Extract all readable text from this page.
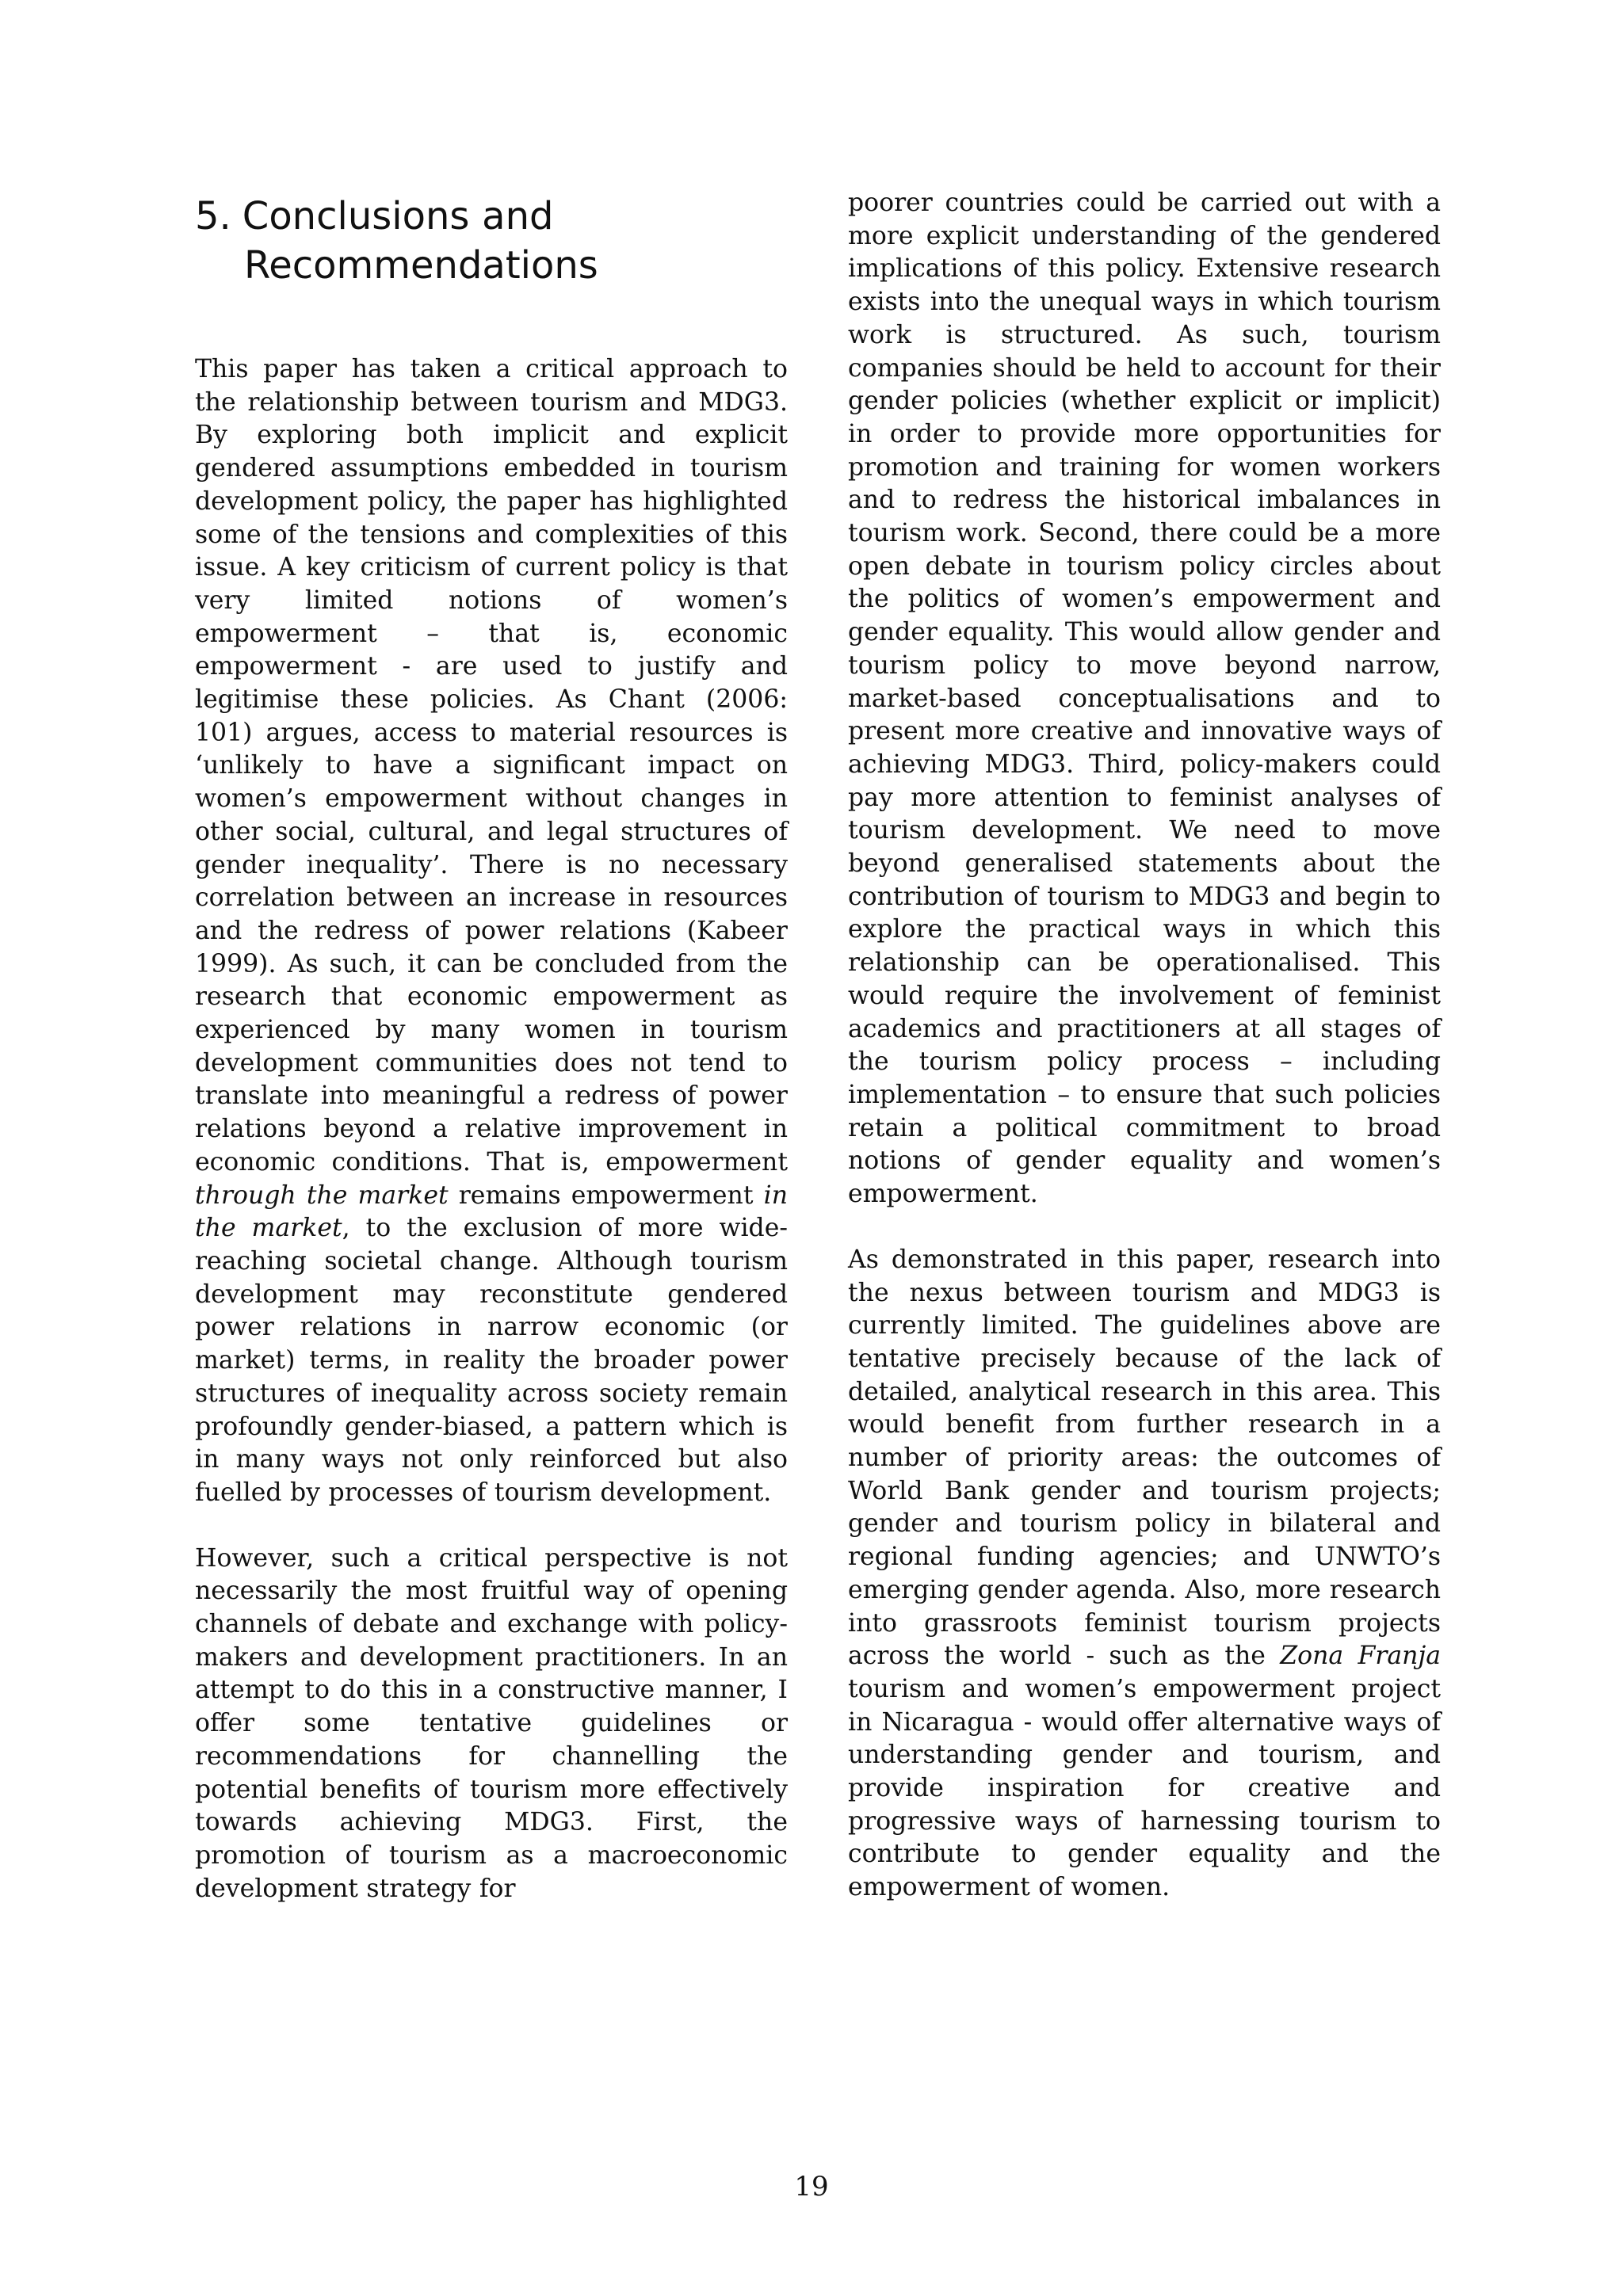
5. Conclusions and Recommendations

This paper has taken a critical approach to the relationship between tourism and MDG3. By exploring both implicit and explicit gendered assumptions embedded in tourism development policy, the paper has highlighted some of the tensions and complexities of this issue. A key criticism of current policy is that very limited notions of women’s empowerment – that is, economic empowerment - are used to justify and legitimise these policies. As Chant (2006: 101) argues, access to material resources is ‘unlikely to have a significant impact on women’s empowerment without changes in other social, cultural, and legal structures of gender inequality’. There is no necessary correlation between an increase in resources and the redress of power relations (Kabeer 1999). As such, it can be concluded from the research that economic empowerment as experienced by many women in tourism development communities does not tend to translate into meaningful a redress of power relations beyond a relative improvement in economic conditions. That is, empowerment through the market remains empowerment in the market, to the exclusion of more wide-reaching societal change. Although tourism development may reconstitute gendered power relations in narrow economic (or market) terms, in reality the broader power structures of inequality across society remain profoundly gender-biased, a pattern which is in many ways not only reinforced but also fuelled by processes of tourism development.

However, such a critical perspective is not necessarily the most fruitful way of opening channels of debate and exchange with policy-makers and development practitioners. In an attempt to do this in a constructive manner, I offer some tentative guidelines or recommendations for channelling the potential benefits of tourism more effectively towards achieving MDG3. First, the promotion of tourism as a macroeconomic development strategy for

poorer countries could be carried out with a more explicit understanding of the gendered implications of this policy. Extensive research exists into the unequal ways in which tourism work is structured. As such, tourism companies should be held to account for their gender policies (whether explicit or implicit) in order to provide more opportunities for promotion and training for women workers and to redress the historical imbalances in tourism work. Second, there could be a more open debate in tourism policy circles about the politics of women’s empowerment and gender equality. This would allow gender and tourism policy to move beyond narrow, market-based conceptualisations and to present more creative and innovative ways of achieving MDG3. Third, policy-makers could pay more attention to feminist analyses of tourism development. We need to move beyond generalised statements about the contribution of tourism to MDG3 and begin to explore the practical ways in which this relationship can be operationalised. This would require the involvement of feminist academics and practitioners at all stages of the tourism policy process – including implementation – to ensure that such policies retain a political commitment to broad notions of gender equality and women’s empowerment.

As demonstrated in this paper, research into the nexus between tourism and MDG3 is currently limited. The guidelines above are tentative precisely because of the lack of detailed, analytical research in this area. This would benefit from further research in a number of priority areas: the outcomes of World Bank gender and tourism projects; gender and tourism policy in bilateral and regional funding agencies; and UNWTO’s emerging gender agenda. Also, more research into grassroots feminist tourism projects across the world - such as the Zona Franja tourism and women’s empowerment project in Nicaragua - would offer alternative ways of understanding gender and tourism, and provide inspiration for creative and progressive ways of harnessing tourism to contribute to gender equality and the empowerment of women.

19
